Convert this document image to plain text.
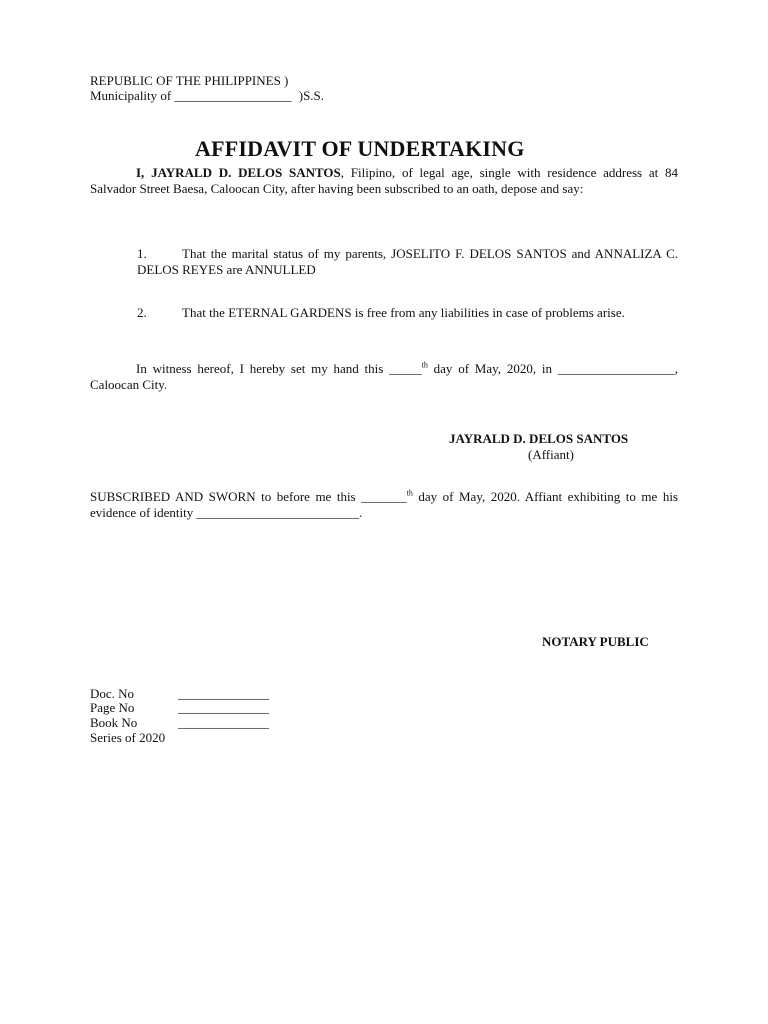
REPUBLIC OF THE PHILIPPINES )
Municipality of __________________ )S.S.
AFFIDAVIT OF UNDERTAKING
I, JAYRALD D. DELOS SANTOS, Filipino, of legal age, single with residence address at 84 Salvador Street Baesa, Caloocan City, after having been subscribed to an oath, depose and say:
1.	That the marital status of my parents, JOSELITO F. DELOS SANTOS and ANNALIZA C. DELOS REYES are ANNULLED
2.	That the ETERNAL GARDENS is free from any liabilities in case of problems arise.
In witness hereof, I hereby set my hand this _____$^{th}$ day of May, 2020, in __________________, Caloocan City.
JAYRALD D. DELOS SANTOS
(Affiant)
SUBSCRIBED AND SWORN to before me this _______$^{th}$ day of May, 2020. Affiant exhibiting to me his evidence of identity _________________________.
NOTARY PUBLIC
Doc. No	______________
Page No	______________
Book No	______________
Series of 2020
